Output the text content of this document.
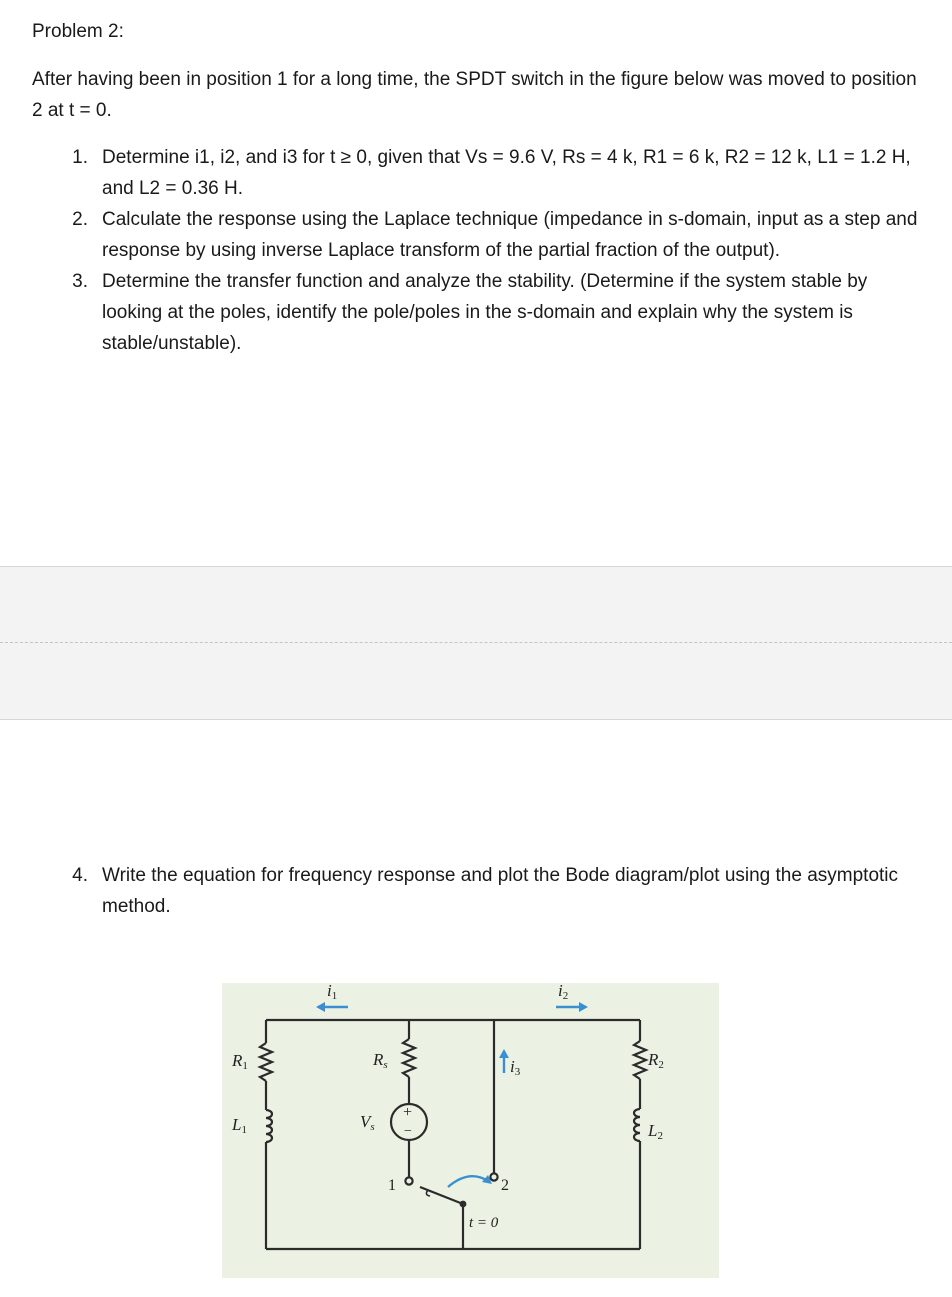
Problem 2:
After having been in position 1 for a long time, the SPDT switch in the figure below was moved to position 2 at t = 0.
1. Determine i1, i2, and i3 for t ≥ 0, given that Vs = 9.6 V, Rs = 4 k, R1 = 6 k, R2 = 12 k, L1 = 1.2 H, and L2 = 0.36 H.
2. Calculate the response using the Laplace technique (impedance in s-domain, input as a step and response by using inverse Laplace transform of the partial fraction of the output).
3. Determine the transfer function and analyze the stability. (Determine if the system stable by looking at the poles, identify the pole/poles in the s-domain and explain why the system is stable/unstable).
4. Write the equation for frequency response and plot the Bode diagram/plot using the asymptotic method.
i1	i2
i3
R1
L1
Rs
Vs
R2
L2
+
−
1	2
t = 0
